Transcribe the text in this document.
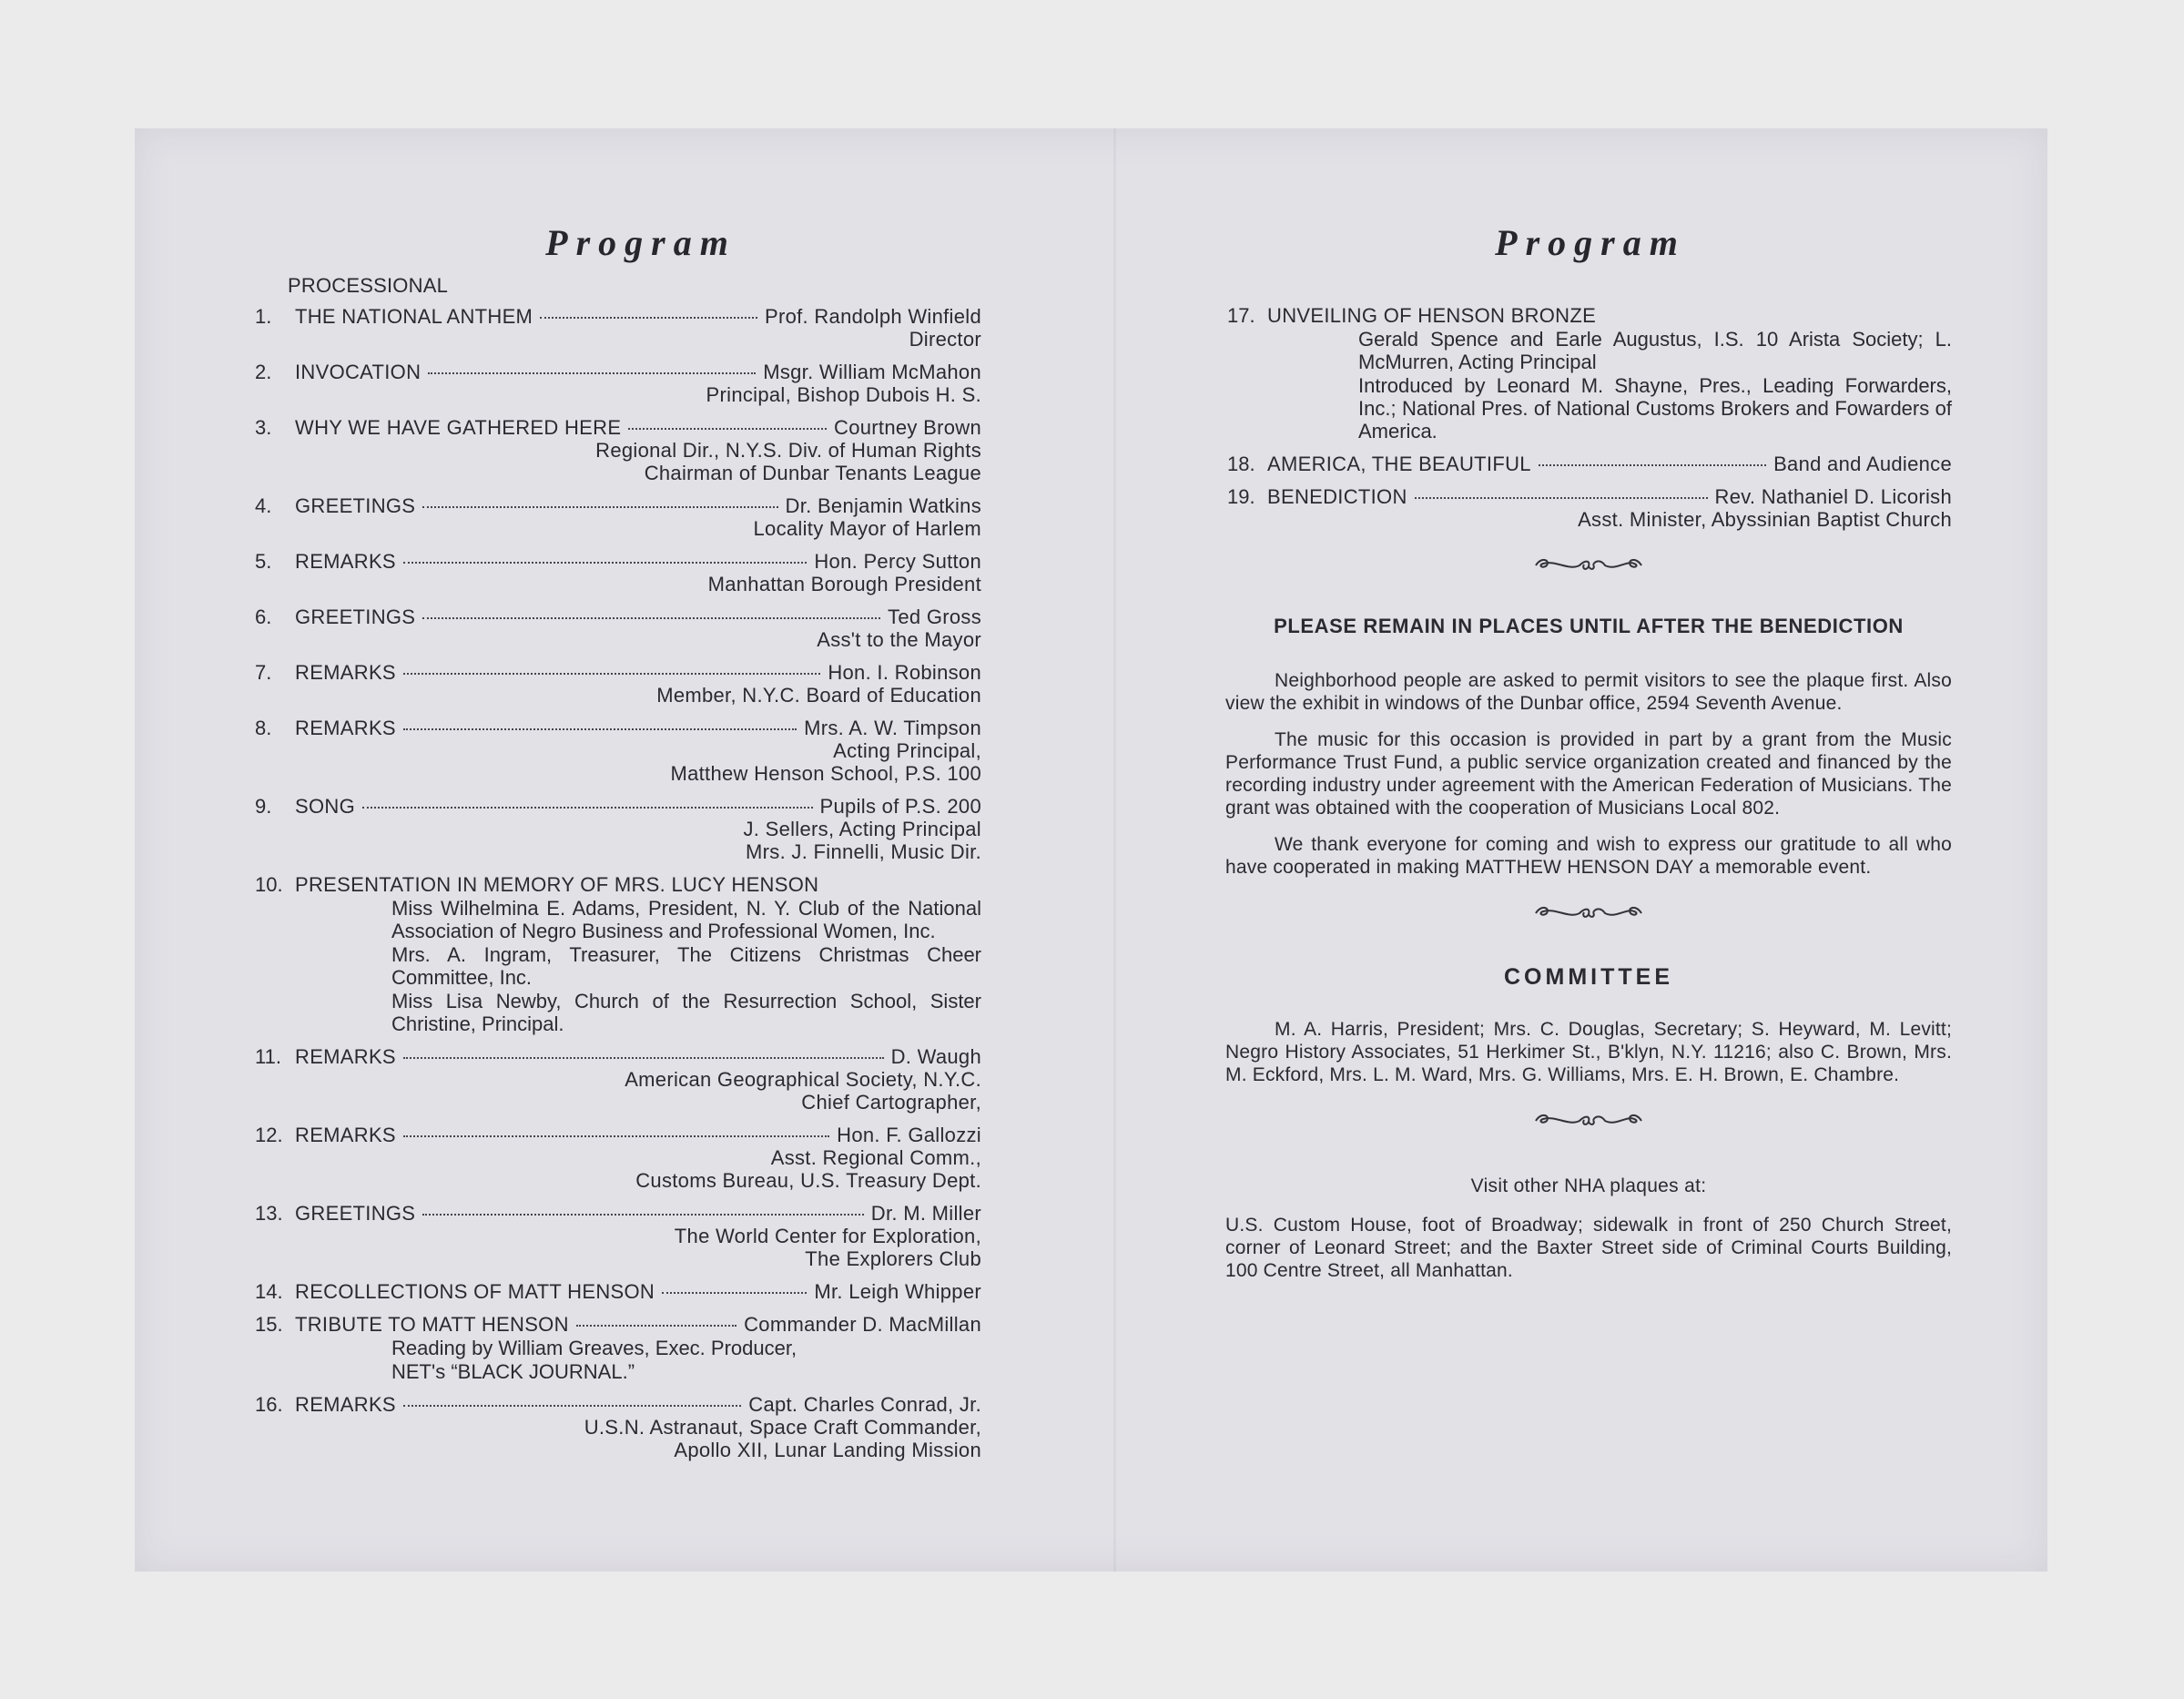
Program
PROCESSIONAL
1.	THE NATIONAL ANTHEM	Prof. Randolph Winfield
Director
2.	INVOCATION	Msgr. William McMahon
Principal, Bishop Dubois H. S.
3.	WHY WE HAVE GATHERED HERE	Courtney Brown
Regional Dir., N.Y.S. Div. of Human Rights
Chairman of Dunbar Tenants League
4.	GREETINGS	Dr. Benjamin Watkins
Locality Mayor of Harlem
5.	REMARKS	Hon. Percy Sutton
Manhattan Borough President
6.	GREETINGS	Ted Gross
Ass't to the Mayor
7.	REMARKS	Hon. I. Robinson
Member, N.Y.C. Board of Education
8.	REMARKS	Mrs. A. W. Timpson
Acting Principal,
Matthew Henson School, P.S. 100
9.	SONG	Pupils of P.S. 200
J. Sellers, Acting Principal
Mrs. J. Finnelli, Music Dir.
10. PRESENTATION IN MEMORY OF MRS. LUCY HENSON
Miss Wilhelmina E. Adams, President, N. Y. Club of the National Association of Negro Business and Professional Women, Inc.
Mrs. A. Ingram, Treasurer, The Citizens Christmas Cheer Committee, Inc.
Miss Lisa Newby, Church of the Resurrection School, Sister Christine, Principal.
11. REMARKS	D. Waugh
American Geographical Society, N.Y.C.
Chief Cartographer,
12. REMARKS	Hon. F. Gallozzi
Asst. Regional Comm.,
Customs Bureau, U.S. Treasury Dept.
13. GREETINGS	Dr. M. Miller
The World Center for Exploration,
The Explorers Club
14. RECOLLECTIONS OF MATT HENSON	Mr. Leigh Whipper
15. TRIBUTE TO MATT HENSON	Commander D. MacMillan
Reading by William Greaves, Exec. Producer,
NET's “BLACK JOURNAL.”
16. REMARKS	Capt. Charles Conrad, Jr.
U.S.N. Astranaut, Space Craft Commander,
Apollo XII, Lunar Landing Mission
Program
17. UNVEILING OF HENSON BRONZE
Gerald Spence and Earle Augustus, I.S. 10 Arista Society; L. McMurren, Acting Principal
Introduced by Leonard M. Shayne, Pres., Leading Forwarders, Inc.; National Pres. of National Customs Brokers and Fowarders of America.
18. AMERICA, THE BEAUTIFUL	Band and Audience
19. BENEDICTION	Rev. Nathaniel D. Licorish
Asst. Minister, Abyssinian Baptist Church
PLEASE REMAIN IN PLACES UNTIL AFTER THE BENEDICTION

Neighborhood people are asked to permit visitors to see the plaque first. Also view the exhibit in windows of the Dunbar office, 2594 Seventh Avenue.

The music for this occasion is provided in part by a grant from the Music Performance Trust Fund, a public service organization created and financed by the recording industry under agreement with the American Federation of Musicians. The grant was obtained with the cooperation of Musicians Local 802.

We thank everyone for coming and wish to express our gratitude to all who have cooperated in making MATTHEW HENSON DAY a memorable event.

COMMITTEE

M. A. Harris, President; Mrs. C. Douglas, Secretary; S. Heyward, M. Levitt; Negro History Associates, 51 Herkimer St., B'klyn, N.Y. 11216; also C. Brown, Mrs. M. Eckford, Mrs. L. M. Ward, Mrs. G. Williams, Mrs. E. H. Brown, E. Chambre.

Visit other NHA plaques at:

U.S. Custom House, foot of Broadway; sidewalk in front of 250 Church Street, corner of Leonard Street; and the Baxter Street side of Criminal Courts Building, 100 Centre Street, all Manhattan.
